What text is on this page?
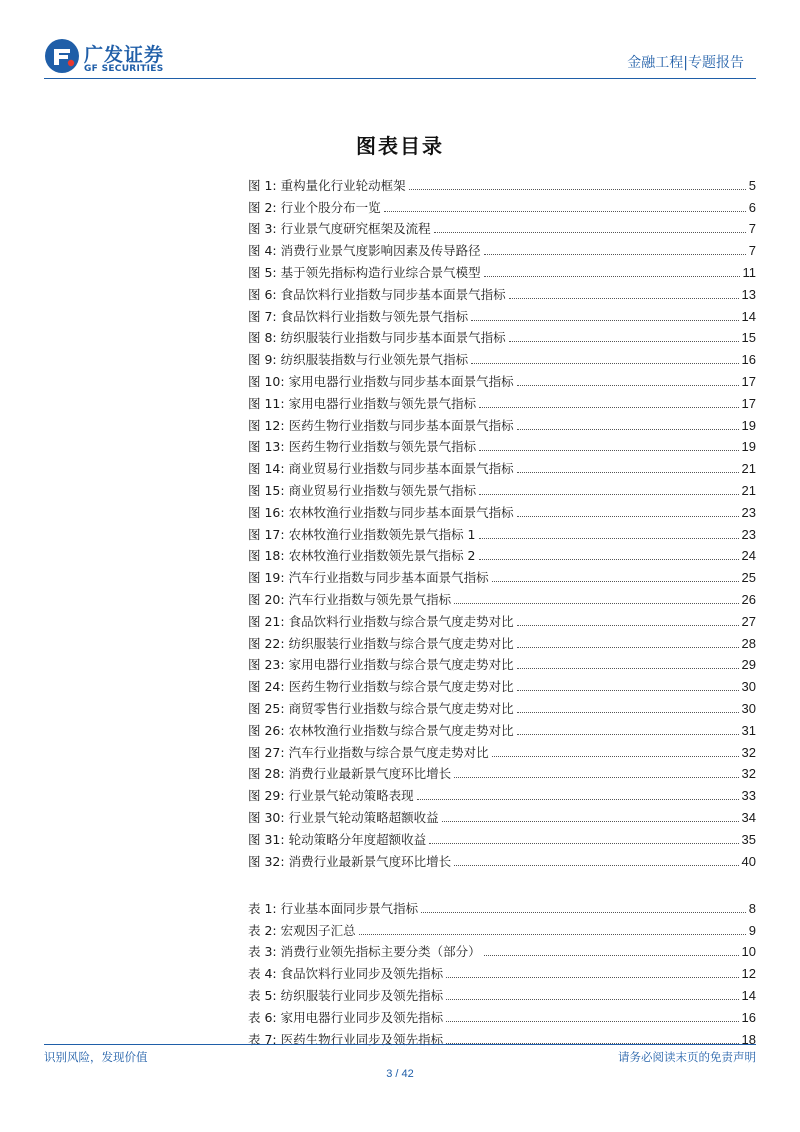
广发证券
GF SECURITIES	金融工程|专题报告
图表目录
图 1: 重构量化行业轮动框架	5
图 2: 行业个股分布一览	6
图 3: 行业景气度研究框架及流程	7
图 4: 消费行业景气度影响因素及传导路径	7
图 5: 基于领先指标构造行业综合景气模型	11
图 6: 食品饮料行业指数与同步基本面景气指标	13
图 7: 食品饮料行业指数与领先景气指标	14
图 8: 纺织服装行业指数与同步基本面景气指标	15
图 9: 纺织服装指数与行业领先景气指标	16
图 10: 家用电器行业指数与同步基本面景气指标	17
图 11: 家用电器行业指数与领先景气指标	17
图 12: 医药生物行业指数与同步基本面景气指标	19
图 13: 医药生物行业指数与领先景气指标	19
图 14: 商业贸易行业指数与同步基本面景气指标	21
图 15: 商业贸易行业指数与领先景气指标	21
图 16: 农林牧渔行业指数与同步基本面景气指标	23
图 17: 农林牧渔行业指数领先景气指标 1	23
图 18: 农林牧渔行业指数领先景气指标 2	24
图 19: 汽车行业指数与同步基本面景气指标	25
图 20: 汽车行业指数与领先景气指标	26
图 21: 食品饮料行业指数与综合景气度走势对比	27
图 22: 纺织服装行业指数与综合景气度走势对比	28
图 23: 家用电器行业指数与综合景气度走势对比	29
图 24: 医药生物行业指数与综合景气度走势对比	30
图 25: 商贸零售行业指数与综合景气度走势对比	30
图 26: 农林牧渔行业指数与综合景气度走势对比	31
图 27: 汽车行业指数与综合景气度走势对比	32
图 28: 消费行业最新景气度环比增长	32
图 29: 行业景气轮动策略表现	33
图 30: 行业景气轮动策略超额收益	34
图 31: 轮动策略分年度超额收益	35
图 32: 消费行业最新景气度环比增长	40
表 1: 行业基本面同步景气指标	8
表 2: 宏观因子汇总	9
表 3: 消费行业领先指标主要分类（部分）	10
表 4: 食品饮料行业同步及领先指标	12
表 5: 纺织服装行业同步及领先指标	14
表 6: 家用电器行业同步及领先指标	16
表 7: 医药生物行业同步及领先指标	18
识别风险，发现价值	请务必阅读末页的免责声明
3 / 42
